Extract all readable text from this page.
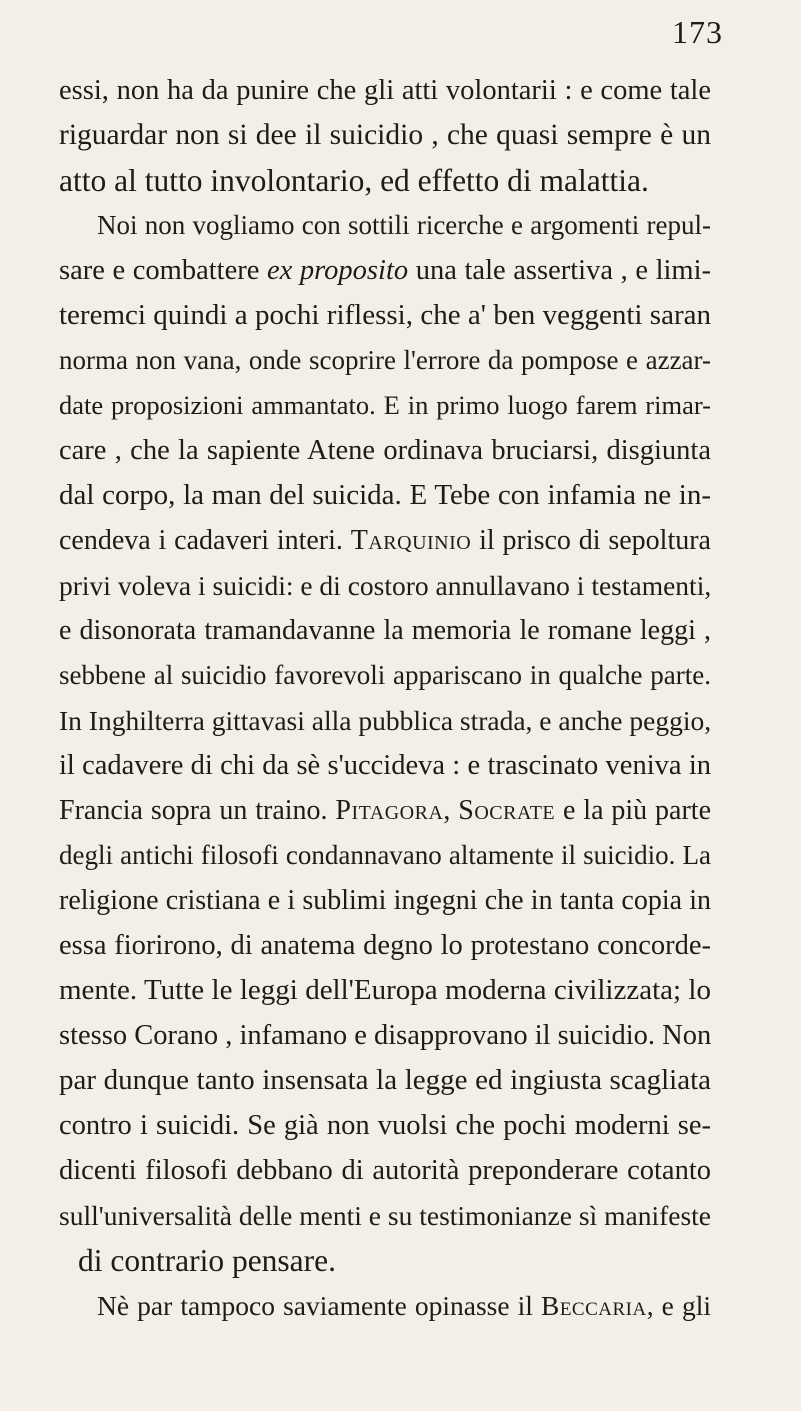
173
essi, non ha da punire che gli atti volontarii : e come tale
riguardar non si dee il suicidio , che quasi sempre è un
atto al tutto involontario, ed effetto di malattia.
Noi non vogliamo con sottili ricerche e argomenti repul-
sare e combattere ex proposito una tale assertiva , e limi-
teremci quindi a pochi riflessi, che a' ben veggenti saran
norma non vana, onde scoprire l'errore da pompose e azzar-
date proposizioni ammantato. E in primo luogo farem rimar-
care , che la sapiente Atene ordinava bruciarsi, disgiunta
dal corpo, la man del suicida. E Tebe con infamia ne in-
cendeva i cadaveri interi. Tarquinio il prisco di sepoltura
privi voleva i suicidi: e di costoro annullavano i testamenti,
e disonorata tramandavanne la memoria le romane leggi ,
sebbene al suicidio favorevoli appariscano in qualche parte.
In Inghilterra gittavasi alla pubblica strada, e anche peggio,
il cadavere di chi da sè s'uccideva : e trascinato veniva in
Francia sopra un traino. Pitagora, Socrate e la più parte
degli antichi filosofi condannavano altamente il suicidio. La
religione cristiana e i sublimi ingegni che in tanta copia in
essa fiorirono, di anatema degno lo protestano concorde-
mente. Tutte le leggi dell'Europa moderna civilizzata; lo
stesso Corano , infamano e disapprovano il suicidio. Non
par dunque tanto insensata la legge ed ingiusta scagliata
contro i suicidi. Se già non vuolsi che pochi moderni se-
dicenti filosofi debbano di autorità preponderare cotanto
sull'universalità delle menti e su testimonianze sì manifeste
di contrario pensare.
Nè par tampoco saviamente opinasse il Beccaria, e gli
